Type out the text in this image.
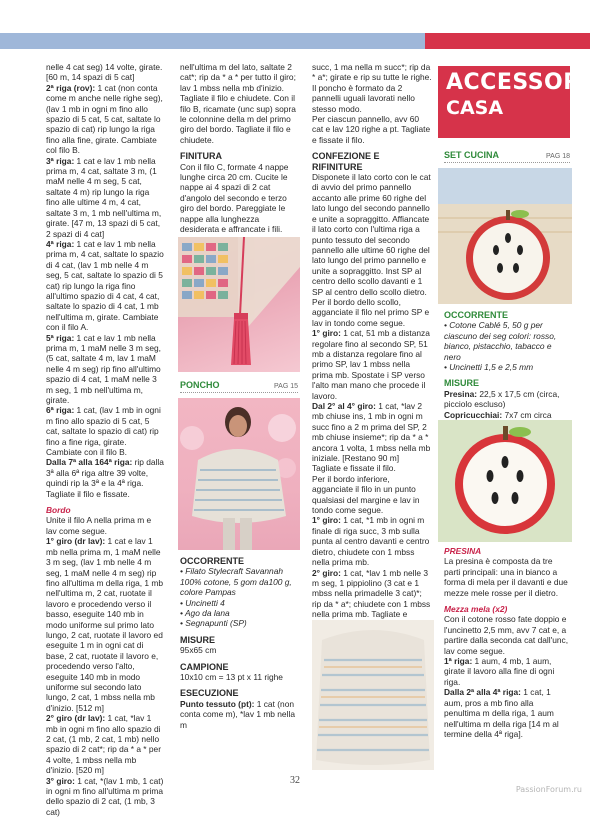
nelle 4 cat seg) 14 volte, girate. [60 m, 14 spazi di 5 cat]

2ª riga (rov): 1 cat (non conta come m anche nelle righe seg), (lav 1 mb in ogni m fino allo spazio di 5 cat, 5 cat, saltate lo spazio di cat) rip lungo la riga fino alla fine, girate. Cambiate col filo B.

3ª riga: 1 cat e lav 1 mb nella prima m, 4 cat, saltate 3 m, (1 maM nelle 4 m seg, 5 cat, saltate 4 m) rip lungo la riga fino alle ultime 4 m, 4 cat, saltate 3 m, 1 mb nell'ultima m, girate. [47 m, 13 spazi di 5 cat, 2 spazi di 4 cat]

4ª riga: 1 cat e lav 1 mb nella prima m, 4 cat, saltate lo spazio di 4 cat, (lav 1 mb nelle 4 m seg, 5 cat, saltate lo spazio di 5 cat) rip lungo la riga fino all'ultimo spazio di 4 cat, 4 cat, saltate lo spazio di 4 cat, 1 mb nell'ultima m, girate. Cambiate con il filo A.

5ª riga: 1 cat e lav 1 mb nella prima m, 1 maM nelle 3 m seg, (5 cat, saltate 4 m, lav 1 maM nelle 4 m seg) rip fino all'ultimo spazio di 4 cat, 1 maM nelle 3 m seg, 1 mb nell'ultima m, girate.

6ª riga: 1 cat, (lav 1 mb in ogni m fino allo spazio di 5 cat, 5 cat, saltate lo spazio di cat) rip fino a fine riga, girate. Cambiate con il filo B.

Dalla 7ª alla 164ª riga: rip dalla 3ª alla 6ª riga altre 39 volte, quindi rip la 3ª e la 4ª riga. Tagliate il filo e fissate.

Bordo

Unite il filo A nella prima m e lav come segue.

1° giro (dr lav): 1 cat e lav 1 mb nella prima m, 1 maM nelle 3 m seg, (lav 1 mb nelle 4 m seg, 1 maM nelle 4 m seg) rip fino all'ultima m della riga, 1 mb nell'ultima m, 2 cat, ruotate il lavoro e procedendo verso il basso, eseguite 140 mb in modo uniforme sul primo lato lungo, 2 cat, ruotate il lavoro ed eseguite 1 m in ogni cat di base, 2 cat, ruotate il lavoro e, procedendo verso l'alto, eseguite 140 mb in modo uniforme sul secondo lato lungo, 2 cat, 1 mbss nella mb d'inizio. [512 m]

2° giro (dr lav): 1 cat, *lav 1 mb in ogni m fino allo spazio di 2 cat, (1 mb, 2 cat, 1 mb) nello spazio di 2 cat*; rip da * a * per 4 volte, 1 mbss nella mb d'inizio. [520 m]

3° giro: 1 cat, *(lav 1 mb, 1 cat) in ogni m fino all'ultima m prima dello spazio di 2 cat, (1 mb, 3 cat)

nell'ultima m del lato, saltate 2 cat*; rip da * a * per tutto il giro; lav 1 mbss nella mb d'inizio. Tagliate il filo e chiudete. Con il filo B, ricamate (unc sup) sopra le colonnine della m del primo giro del bordo. Tagliate il filo e chiudete.

FINITURA

Con il filo C, formate 4 nappe lunghe circa 20 cm. Cucite le nappe ai 4 spazi di 2 cat d'angolo del secondo e terzo giro del bordo. Pareggiate le nappe alla lunghezza desiderata e affrancate i fili.

PONCHO	PAG 15

OCCORRENTE

• Filato Stylecraft Savannah 100% cotone, 5 gom da100 g, colore Pampas

• Uncinetti 4

• Ago da lana

• Segnapunti (SP)

MISURE

95x65 cm

CAMPIONE

10x10 cm = 13 pt x 11 righe

ESECUZIONE

Punto tessuto (pt): 1 cat (non conta come m), *lav 1 mb nella m

succ, 1 ma nella m succ*; rip da * a*; girate e rip su tutte le righe.

Il poncho è formato da 2 pannelli uguali lavorati nello stesso modo.

Per ciascun pannello, avv 60 cat e lav 120 righe a pt. Tagliate e fissate il filo.

CONFEZIONE E RIFINITURE

Disponete il lato corto con le cat di avvio del primo pannello accanto alle prime 60 righe del lato lungo del secondo pannello e unite a sopraggitto. Affiancate il lato corto con l'ultima riga a punto tessuto del secondo pannello alle ultime 60 righe del lato lungo del primo pannello e unite a sopraggitto. Inst SP al centro dello scollo davanti e 1 SP al centro dello scollo dietro.

Per il bordo dello scollo, agganciate il filo nel primo SP e lav in tondo come segue.

1° giro: 1 cat, 51 mb a distanza regolare fino al secondo SP, 51 mb a distanza regolare fino al primo SP, lav 1 mbss nella prima mb. Spostate i SP verso l'alto man mano che procede il lavoro.

Dal 2° al 4° giro: 1 cat, *lav 2 mb chiuse ins, 1 mb in ogni m succ fino a 2 m prima del SP, 2 mb chiuse insieme*; rip da * a * ancora 1 volta, 1 mbss nella mb iniziale. [Restano 90 m]

Tagliate e fissate il filo.

Per il bordo inferiore, agganciate il filo in un punto qualsiasi del margine e lav in tondo come segue.

1° giro: 1 cat, *1 mb in ogni m finale di riga succ, 3 mb sulla punta al centro davanti e centro dietro, chiudete con 1 mbss nella prima mb.

2° giro: 1 cat, *lav 1 mb nelle 3 m seg, 1 pippiolino (3 cat e 1 mbss nella primadelle 3 cat)*; rip da * a*; chiudete con 1 mbss nella prima mb. Tagliate e

ACCESSORI
CASA
SET CUCINA	PAG 18

OCCORRENTE

• Cotone Cablé 5, 50 g per ciascuno dei seg colori: rosso, bianco, pistacchio, tabacco e nero

• Uncinetti 1,5 e 2,5 mm

MISURE

Presina: 22,5 x 17,5 cm (circa, picciolo escluso)

Copricucchiai: 7x7 cm circa

PRESINA

La presina è composta da tre parti principali: una in bianco a forma di mela per il davanti e due mezze mele rosse per il dietro.

Mezza mela (x2)

Con il cotone rosso fate doppio e l'uncinetto 2,5 mm, avv 7 cat e, a partire dalla seconda cat dall'unc, lav come segue.

1ª riga: 1 aum, 4 mb, 1 aum, girate il lavoro alla fine di ogni riga.

Dalla 2ª alla 4ª riga: 1 cat, 1 aum, pros a mb fino alla penultima m della riga, 1 aum nell'ultima m della riga [14 m al termine della 4ª riga].

32
PassionForum.ru
